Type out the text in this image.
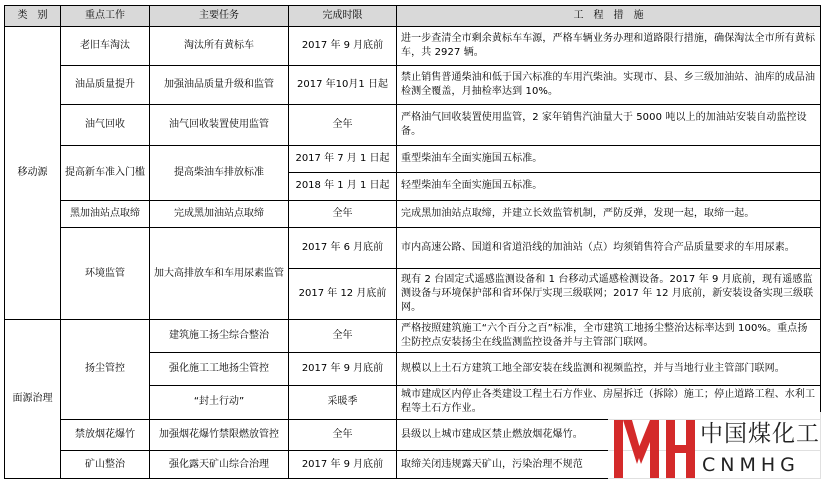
类　别	重点工作	主要任务	完成时限	工　程　措　施
移动源	老旧车淘汰	淘汰所有黄标车	2017 年 9 月底前	进一步查清全市剩余黄标车车源，严格车辆业务办理和道路限行措施，确保淘汰全市所有黄标车，共 2927 辆。
	油品质量提升	加强油品质量升级和监管	2017 年10月1 日起	禁止销售普通柴油和低于国六标准的车用汽柴油。实现市、县、乡三级加油站、油库的成品油检测全覆盖，月抽检率达到 10%。
	油气回收	油气回收装置使用监管	全年	严格油气回收装置使用监管，2 家年销售汽油量大于 5000 吨以上的加油站安装自动监控设备。
	提高新车准入门槛	提高柴油车排放标准	2017 年 7 月 1 日起	重型柴油车全面实施国五标准。
			2018 年 1 月 1 日起	轻型柴油车全面实施国五标准。
	黑加油站点取缔	完成黑加油站点取缔	全年	完成黑加油站点取缔，并建立长效监管机制，严防反弹，发现一起，取缔一起。
	环境监管	加大高排放车和车用尿素监管	2017 年 6 月底前	市内高速公路、国道和省道沿线的加油站（点）均须销售符合产品质量要求的车用尿素。
			2017 年 12 月底前	现有 2 台固定式遥感监测设备和 1 台移动式遥感检测设备。2017 年 9 月底前，现有遥感监测设备与环境保护部和省环保厅实现三级联网；2017 年 12 月底前，新安装设备实现三级联网。
面源治理	扬尘管控	建筑施工扬尘综合整治	全年	严格按照建筑施工“六个百分之百”标准，全市建筑工地扬尘整治达标率达到 100%。重点扬尘防控点安装扬尘在线监测监控设备并与主管部门联网。
		强化施工工地扬尘管控	2017 年 9 月底前	规模以上土石方建筑工地全部安装在线监测和视频监控，并与当地行业主管部门联网。
		“封土行动”	采暖季	城市建成区内停止各类建设工程土石方作业、房屋拆迁（拆除）施工；停止道路工程、水利工程等土石方作业。
	禁放烟花爆竹	加强烟花爆竹禁限燃放管控	全年	县级以上城市建成区禁止燃放烟花爆竹。
	矿山整治	强化露天矿山综合治理	2017 年 9 月底前	取缔关闭违规露天矿山，污染治理不规范
中国煤化工
CNMHG
